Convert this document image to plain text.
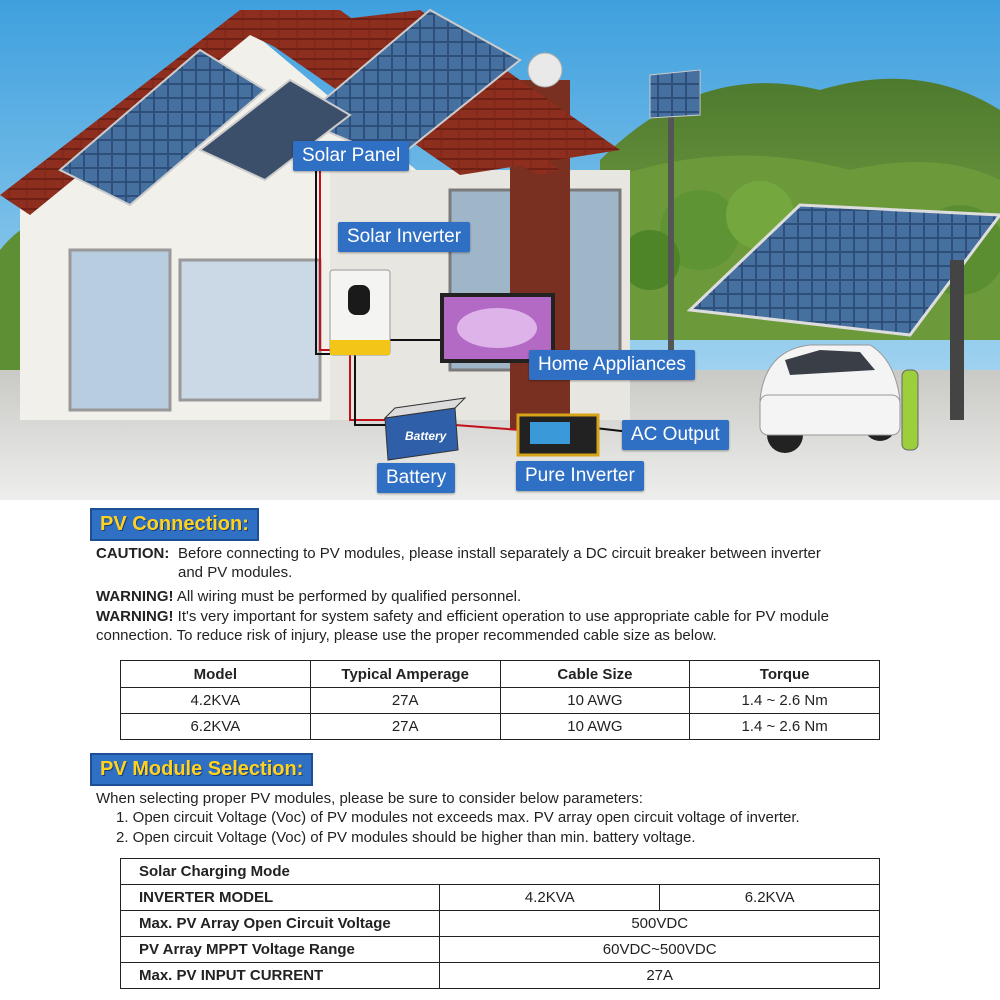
Battery
Solar Panel
Solar Inverter
Home Appliances
AC Output
Battery	Pure Inverter
PV Connection:
CAUTION: Before connecting to PV modules, please install separately a DC circuit breaker between inverter
and PV modules.
WARNING! All wiring must be performed by qualified personnel.
WARNING! It's very important for system safety and efficient operation to use appropriate cable for PV module
connection. To reduce risk of injury, please use the proper recommended cable size as below.
Model	Typical Amperage	Cable Size	Torque
4.2KVA	27A	10 AWG	1.4 ~ 2.6 Nm
6.2KVA	27A	10 AWG	1.4 ~ 2.6 Nm
PV Module Selection:
When selecting proper PV modules, please be sure to consider below parameters:
1. Open circuit Voltage (Voc) of PV modules not exceeds max. PV array open circuit voltage of inverter.
2. Open circuit Voltage (Voc) of PV modules should be higher than min. battery voltage.
Solar Charging Mode		
INVERTER MODEL	4.2KVA	6.2KVA
Max. PV Array Open Circuit Voltage	500VDC	
PV Array MPPT Voltage Range	60VDC~500VDC	
Max. PV INPUT CURRENT	27A	
